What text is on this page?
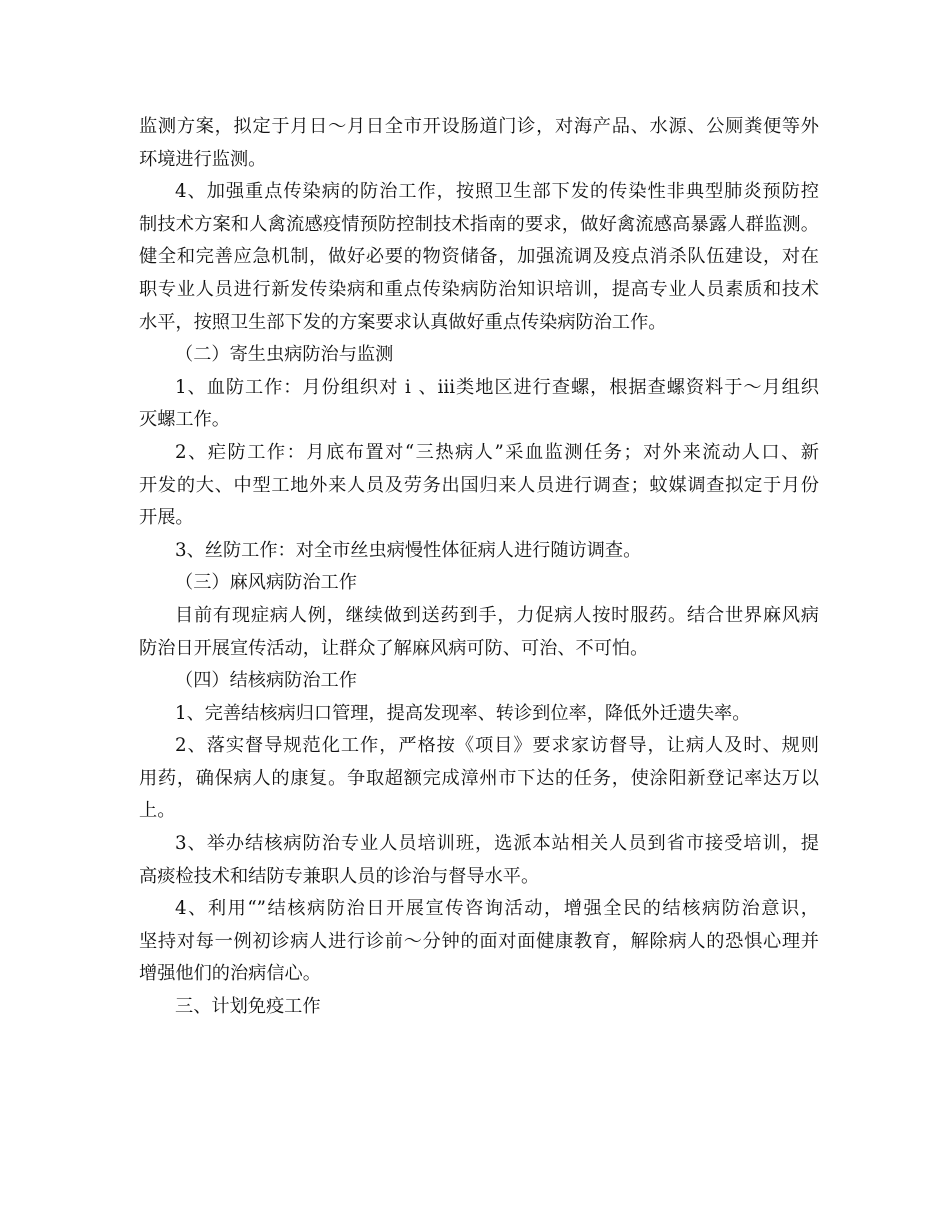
监测方案，拟定于月日～月日全市开设肠道门诊，对海产品、水源、公厕粪便等外
环境进行监测。
4、加强重点传染病的防治工作，按照卫生部下发的传染性非典型肺炎预防控
制技术方案和人禽流感疫情预防控制技术指南的要求，做好禽流感高暴露人群监测。
健全和完善应急机制，做好必要的物资储备，加强流调及疫点消杀队伍建设，对在
职专业人员进行新发传染病和重点传染病防治知识培训，提高专业人员素质和技术
水平，按照卫生部下发的方案要求认真做好重点传染病防治工作。
（二）寄生虫病防治与监测
1、血防工作：月份组织对 ⅰ 、ⅲ类地区进行查螺，根据查螺资料于～月组织
灭螺工作。
2、疟防工作：月底布置对“三热病人”采血监测任务；对外来流动人口、新
开发的大、中型工地外来人员及劳务出国归来人员进行调查；蚊媒调查拟定于月份
开展。
3、丝防工作：对全市丝虫病慢性体征病人进行随访调查。
（三）麻风病防治工作
目前有现症病人例，继续做到送药到手，力促病人按时服药。结合世界麻风病
防治日开展宣传活动，让群众了解麻风病可防、可治、不可怕。
（四）结核病防治工作
1、完善结核病归口管理，提高发现率、转诊到位率，降低外迁遗失率。
2、落实督导规范化工作，严格按《项目》要求家访督导，让病人及时、规则
用药，确保病人的康复。争取超额完成漳州市下达的任务，使涂阳新登记率达万以
上。
3、举办结核病防治专业人员培训班，选派本站相关人员到省市接受培训，提
高痰检技术和结防专兼职人员的诊治与督导水平。
4、利用“”结核病防治日开展宣传咨询活动，增强全民的结核病防治意识，
坚持对每一例初诊病人进行诊前～分钟的面对面健康教育，解除病人的恐惧心理并
增强他们的治病信心。
三、计划免疫工作
